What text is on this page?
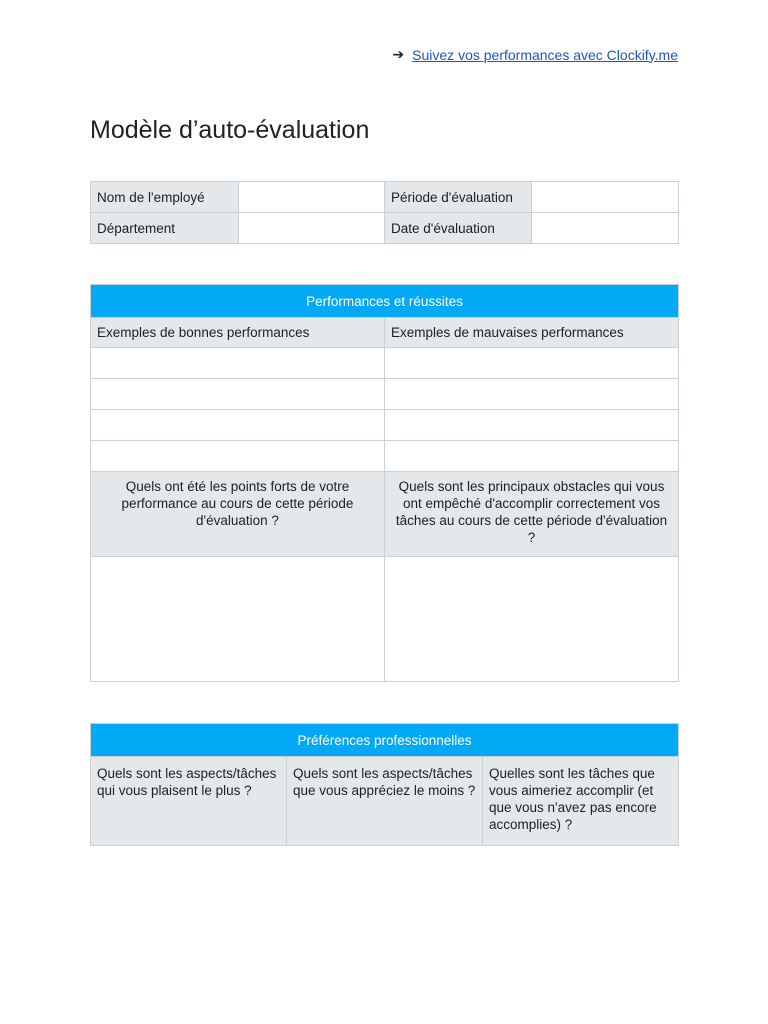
➔ Suivez vos performances avec Clockify.me
Modèle d’auto-évaluation
Nom de l'employé		Période d'évaluation	
Département		Date d'évaluation	
Performances et réussites	
Exemples de bonnes performances	Exemples de mauvaises performances

Quels ont été les points forts de votre performance au cours de cette période d'évaluation ?	Quels sont les principaux obstacles qui vous ont empêché d'accomplir correctement vos tâches au cours de cette période d'évaluation ?

Préférences professionnelles
Quels sont les aspects/tâches qui vous plaisent le plus ?	Quels sont les aspects/tâches que vous appréciez le moins ?	Quelles sont les tâches que vous aimeriez accomplir (et que vous n'avez pas encore accomplies) ?
